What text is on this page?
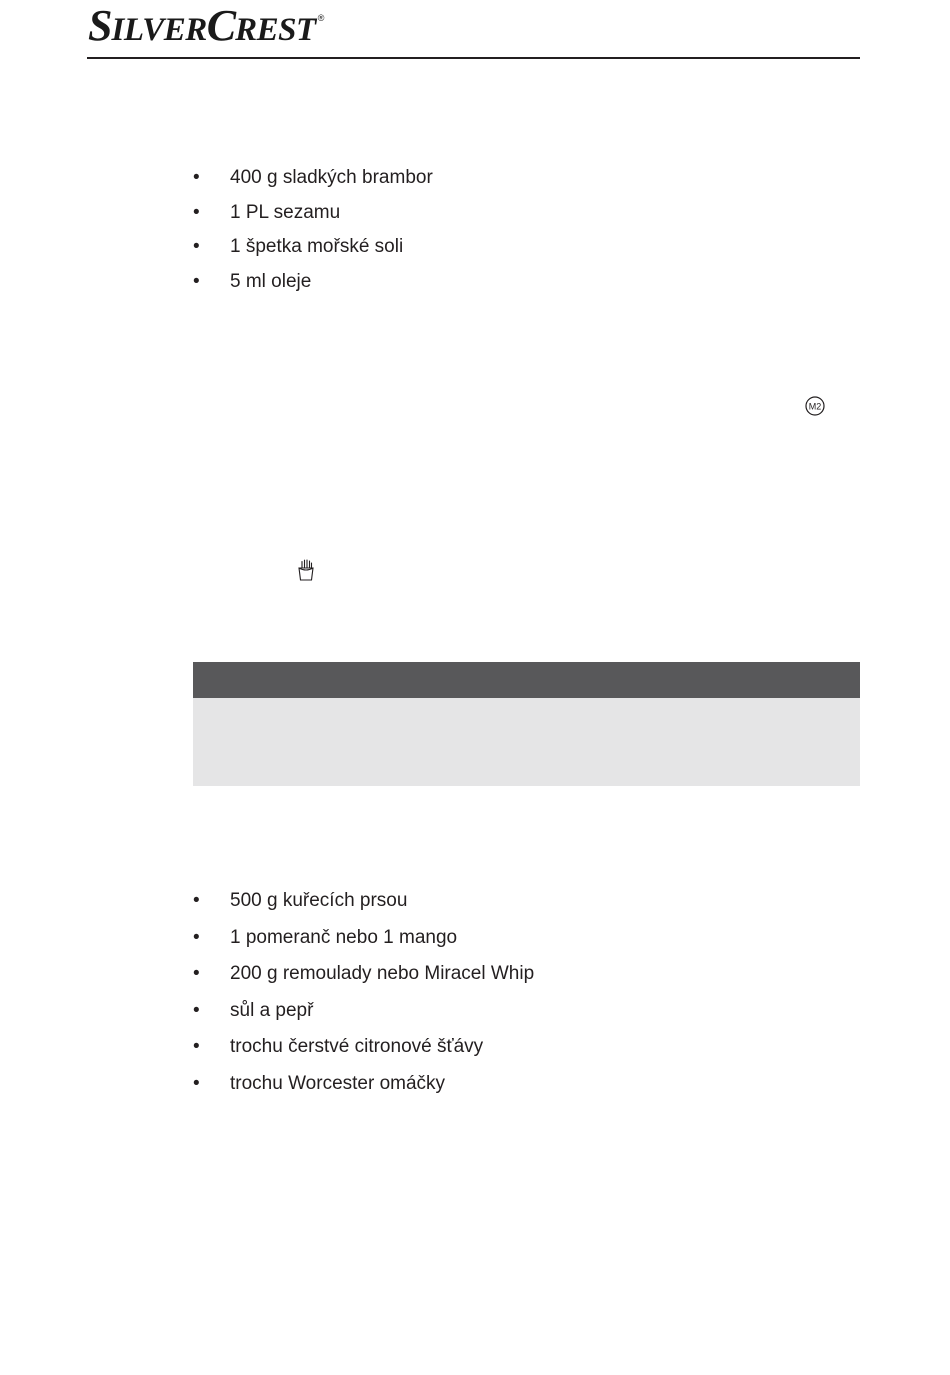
SILVERCREST ®
•	400 g sladkých brambor
•	1 PL sezamu
•	1 špetka mořské soli
•	5 ml oleje
M2
•	500 g kuřecích prsou
•	1 pomeranč nebo 1 mango
•	200 g remoulady nebo Miracel Whip
•	sůl a pepř
•	trochu čerstvé citronové šťávy
•	trochu Worcester omáčky
